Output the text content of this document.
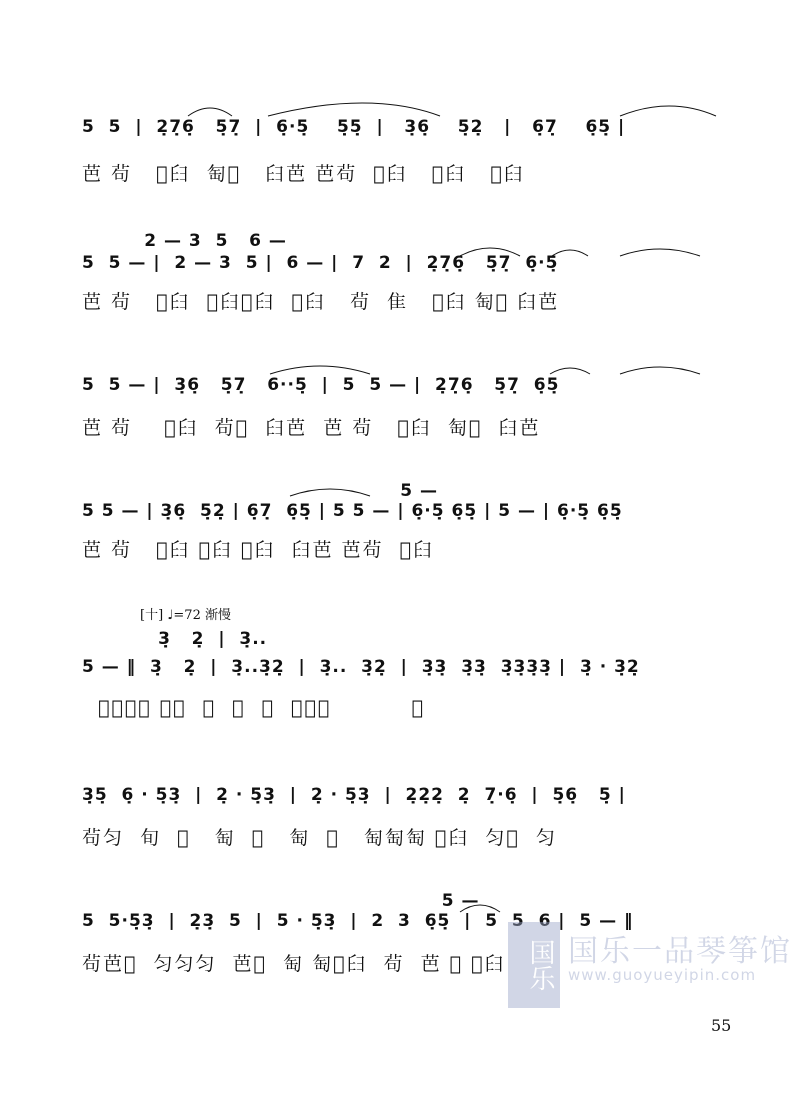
5  5  |  2̣7̣6̣   5̣7̣  |  6̣·5̣    5̣5̣  |   3̣6̣    5̣2̣   |   6̣7̣    6̣5̣ |
芭 茍   𪛉𦥑  匋𪛉   𦥑芭 芭茍  𪛉𦥑   𪛉𦥑   𪛉𦥑
2 — 3  5   6 —
5  5 — |  2 — 3  5 |  6 — |  7  2  |  2̣7̣6̣   5̣7̣  6̣·5̣
芭 茍   𪛉𦥑  𪛉𦥑𪛉𦥑  𪛉𦥑   茍  隹   𪛉𦥑 匋𪛉 𦥑芭
5  5 — |  3̣6̣   5̣7̣   6··5̣  |  5  5 — |  2̣7̣6̣   5̣7̣  6̣5̣
芭 茍    𪛉𦥑  茍𪛉  𦥑芭  芭 茍   𪛉𦥑  匋𪛉  𦥑芭
5 —
5 5 — | 3̣6̣  5̣2̣ | 6̣7̣  6̣5̣ | 5 5 — | 6̣·5̣ 6̣5̣ | 5 — | 6̣·5̣ 6̣5̣
芭 茍   𪛉𦥑 𪛉𦥑 𪛉𦥑  𦥑芭 芭茍  𪛉𦥑
[十] ♩=72 渐慢
3̣   2̣  |  3̣..
5 — ‖  3̣   2̣  |  3̣..3̣2̣  |  3̣..  3̣2̣  |  3̣3̣  3̣3̣  3̣3̣3̣3̣ |  3̣ · 3̣2̣
𪛉𦥑𪛉𦥑 𪛉𦥑  𪛉  茍  𪛉  茍𪛉茍          𪛉
3̣5̣  6̣ · 5̣3̣  |  2̣ · 5̣3̣  |  2̣ · 5̣3̣  |  2̣2̣2̣  2̣  7̣·6̣  |  5̣6̣   5̣ |
茍匀  旬  𪛉   匋  𪛉   匋  𪛉   匋匋匋 𪛉𦥑  匀𪛉  匀
5 —
5  5·5̣3̣  |  2̣3̣  5  |  5 · 5̣3̣  |  2  3  6̣5̣  |  5  5  6 |  5 — ‖
茍芭𪛉  匀匀匀  芭𪛉  匋 匋𪛉𦥑  茍  芭 𪛉 𪛉𦥑 国乐 国乐一品琴筝馆
www.guoyueyipin.com
55
